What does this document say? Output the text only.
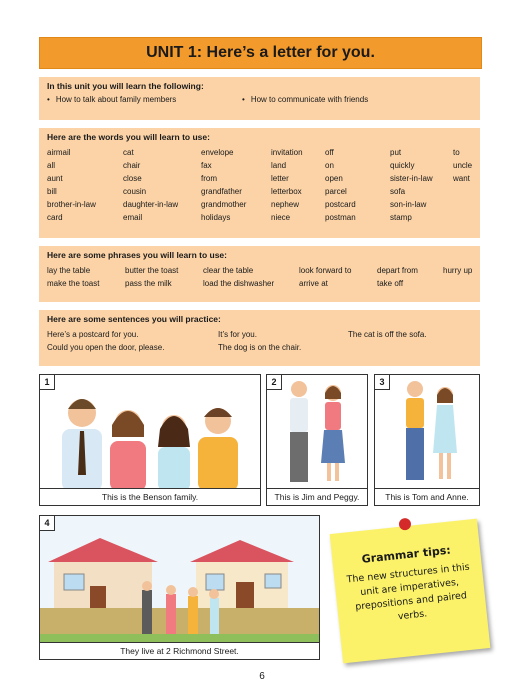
UNIT 1: Here’s a letter for you.
In this unit you will learn the following:
• How to talk about family members
•	How to communicate with friends
Here are the words you will learn to use:
airmail	cat	envelope	invitation	off	put	to
all	chair	fax	land	on	quickly	uncle
aunt	close	from	letter	open	sister-in-law	want
bill	cousin	grandfather	letterbox	parcel	sofa
brother-in-law	daughter-in-law	grandmother	nephew	postcard	son-in-law
card	email	holidays	niece	postman	stamp
Here are some phrases you will learn to use:
lay the table	butter the toast	clear the table	look forward to	depart from	hurry up
make the toast	pass the milk	load the dishwasher	arrive at	take off
Here are some sentences you will practice:
Here’s a postcard for you.	It’s for you.	The cat is off the sofa.
Could you open the door, please.	The dog is on the chair.
1
This is the Benson family.
2
This is Jim and Peggy.
3
This is Tom and Anne.
4
They live at 2 Richmond Street.
Grammar tips:

The new structures in this unit are imperatives, prepositions and paired verbs.

6
